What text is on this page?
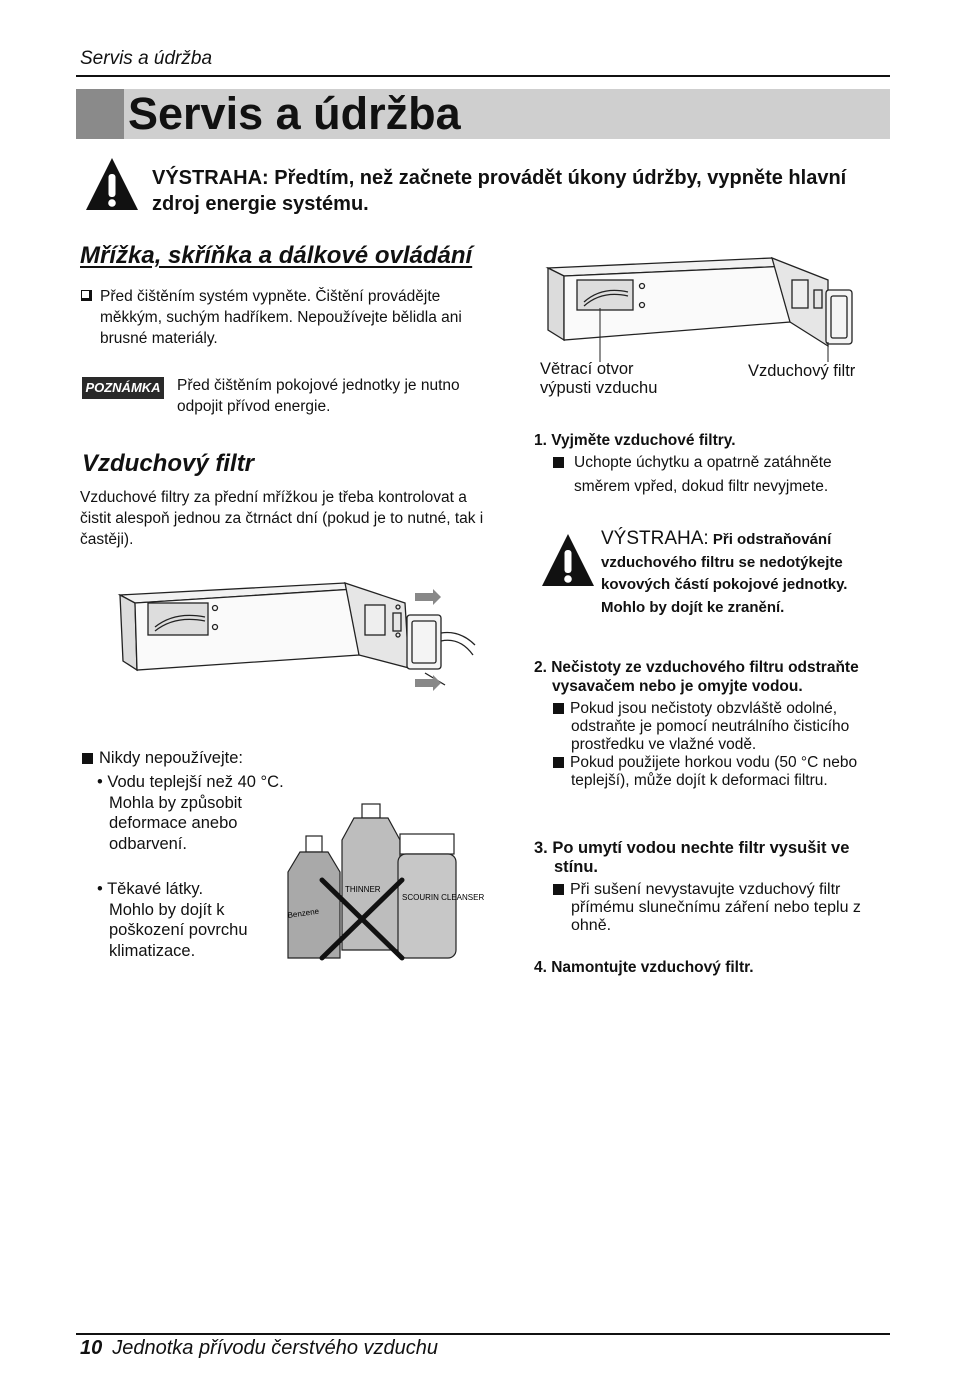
Servis a údržba
Servis a údržba
VÝSTRAHA: Předtím, než začnete provádět úkony údržby, vypněte hlavní zdroj energie systému.
Mřížka, skříňka a dálkové ovládání
Před čištěním systém vypněte. Čištění provádějte
měkkým, suchým hadříkem. Nepoužívejte bělidla ani
brusné materiály.
POZNÁMKA Před čištěním pokojové jednotky je nutno
odpojit přívod energie.
Vzduchový filtr
Vzduchové filtry za přední mřížkou je třeba kontrolovat a
čistit alespoň jednou za čtrnáct dní (pokud je to nutné, tak i
častěji).
Nikdy nepoužívejte:
• Vodu teplejší než 40 °C.
Mohla by způsobit
deformace anebo
odbarvení.
• Těkavé látky.
Mohlo by dojít k
poškození povrchu
klimatizace.
Benzene
THINNER
SCOURIN CLEANSER
Větrací otvor
výpusti vzduchu
Vzduchový filtr
1. Vyjměte vzduchové filtry.
Uchopte úchytku a opatrně zatáhněte
směrem vpřed, dokud filtr nevyjmete.
VÝSTRAHA: Při odstraňování
vzduchového filtru se nedotýkejte
kovových částí pokojové jednotky.
Mohlo by dojít ke zranění.
2. Nečistoty ze vzduchového filtru odstraňte
vysavačem nebo je omyjte vodou.
Pokud jsou nečistoty obzvláště odolné,
odstraňte je pomocí neutrálního čisticího
prostředku ve vlažné vodě.
Pokud použijete horkou vodu (50 °C nebo
teplejší), může dojít k deformaci filtru.
3. Po umytí vodou nechte filtr vysušit ve
stínu.
Při sušení nevystavujte vzduchový filtr
přímému slunečnímu záření nebo teplu z
ohně.
4. Namontujte vzduchový filtr.
10 Jednotka přívodu čerstvého vzduchu
